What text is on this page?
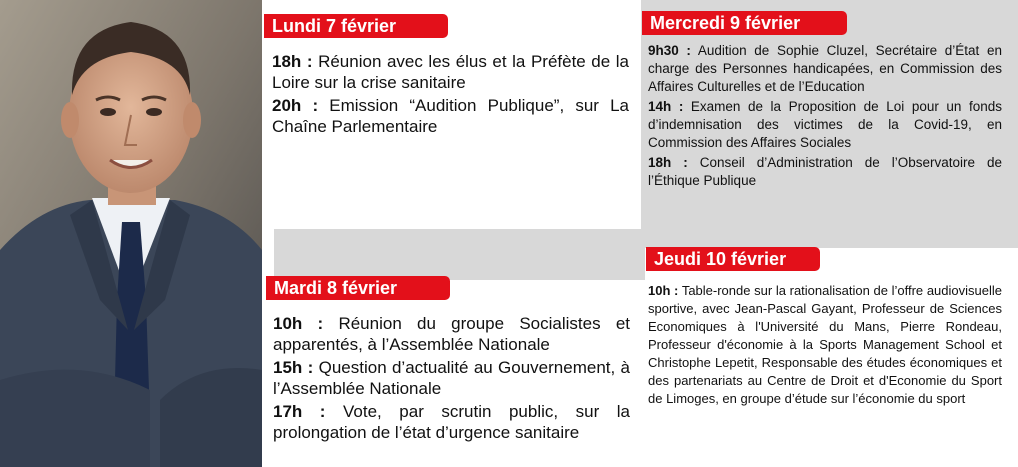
Lundi 7 février

18h : Réunion avec les élus et la Préfète de la Loire sur la crise sanitaire

20h : Emission “Audition Publique”, sur La Chaîne Parlementaire

Mardi 8 février

10h : Réunion du groupe Socialistes et apparentés, à l’Assemblée Nationale

15h : Question d’actualité au Gouvernement, à l’Assemblée Nationale

17h : Vote, par scrutin public, sur la prolongation de l’état d’urgence sanitaire

Mercredi 9 février

9h30 : Audition de Sophie Cluzel, Secrétaire d’État en charge des Personnes handicapées, en Commission des Affaires Culturelles et de l’Education

14h : Examen de la Proposition de Loi pour un fonds d’indemnisation des victimes de la Covid-19, en Commission des Affaires Sociales

18h : Conseil d’Administration de l’Observatoire de l’Éthique Publique

Jeudi 10 février

10h : Table-ronde sur la rationalisation de l’offre audiovisuelle sportive, avec Jean-Pascal Gayant, Professeur de Sciences Economiques à l'Université du Mans, Pierre Rondeau, Professeur d'économie à la Sports Management School et Christophe Lepetit, Responsable des études économiques et des partenariats au Centre de Droit et d'Economie du Sport de Limoges, en groupe d’étude sur l’économie du sport
